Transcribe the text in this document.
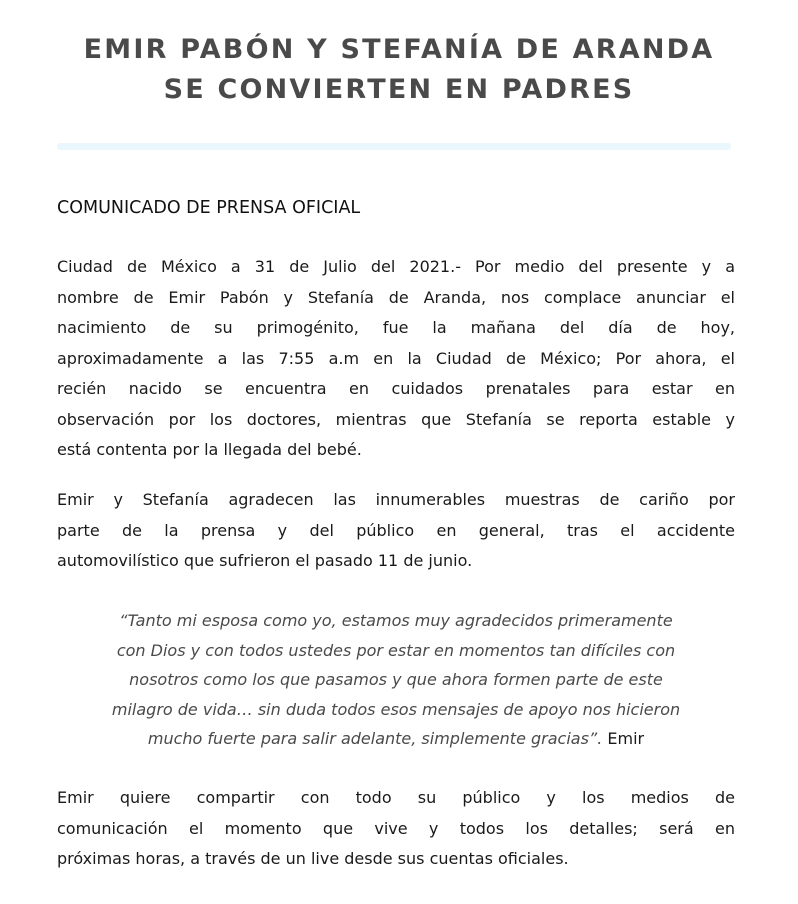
EMIR PABÓN Y STEFANÍA DE ARANDA
SE CONVIERTEN EN PADRES
COMUNICADO DE PRENSA OFICIAL
Ciudad de México a 31 de Julio del 2021.- Por medio del presente y a
nombre de Emir Pabón y Stefanía de Aranda, nos complace anunciar el
nacimiento de su primogénito, fue la mañana del día de hoy,
aproximadamente a las 7:55 a.m en la Ciudad de México; Por ahora, el
recién nacido se encuentra en cuidados prenatales para estar en
observación por los doctores, mientras que Stefanía se reporta estable y
está contenta por la llegada del bebé.
Emir y Stefanía agradecen las innumerables muestras de cariño por
parte de la prensa y del público en general, tras el accidente
automovilístico que sufrieron el pasado 11 de junio.
“Tanto mi esposa como yo, estamos muy agradecidos primeramente
con Dios y con todos ustedes por estar en momentos tan difíciles con
nosotros como los que pasamos y que ahora formen parte de este
milagro de vida… sin duda todos esos mensajes de apoyo nos hicieron
mucho fuerte para salir adelante, simplemente gracias”. Emir
Emir quiere compartir con todo su público y los medios de
comunicación el momento que vive y todos los detalles; será en
próximas horas, a través de un live desde sus cuentas oficiales.
